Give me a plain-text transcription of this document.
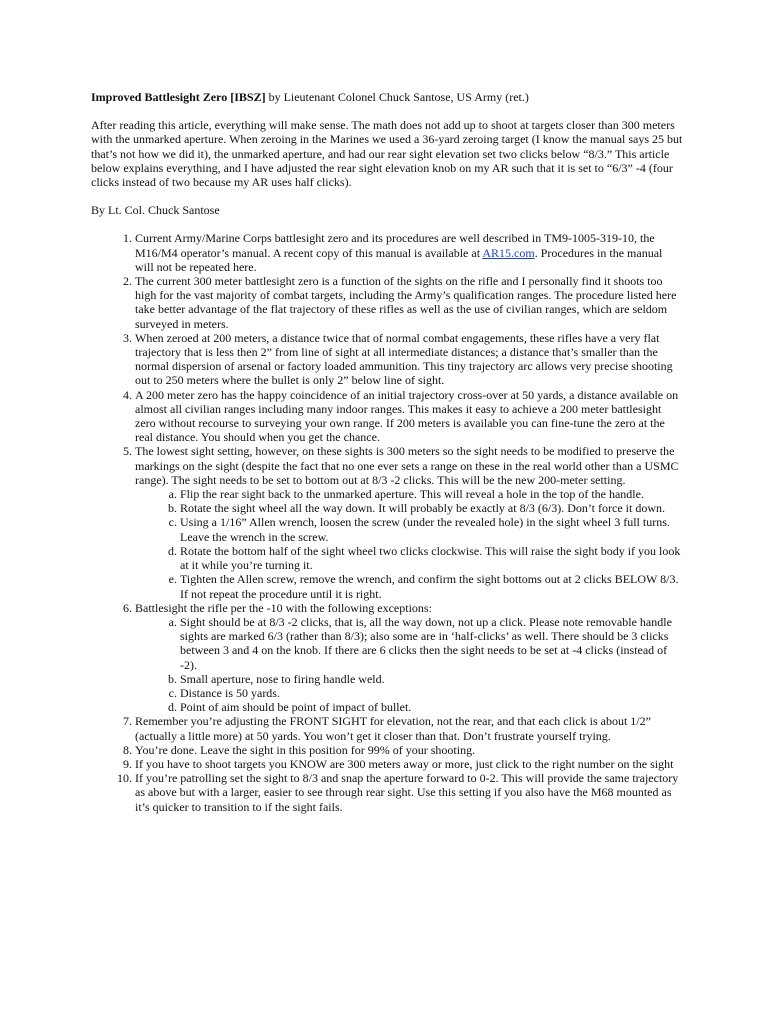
Improved Battlesight Zero [IBSZ] by Lieutenant Colonel Chuck Santose, US Army (ret.)

After reading this article, everything will make sense. The math does not add up to shoot at targets closer than 300 meters with the unmarked aperture. When zeroing in the Marines we used a 36-yard zeroing target (I know the manual says 25 but that’s not how we did it), the unmarked aperture, and had our rear sight elevation set two clicks below “8/3.” This article below explains everything, and I have adjusted the rear sight elevation knob on my AR such that it is set to “6/3” -4 (four clicks instead of two because my AR uses half clicks).

By Lt. Col. Chuck Santose

1. Current Army/Marine Corps battlesight zero and its procedures are well described in TM9-1005-319-10, the M16/M4 operator’s manual. A recent copy of this manual is available at AR15.com. Procedures in the manual will not be repeated here.
2. The current 300 meter battlesight zero is a function of the sights on the rifle and I personally find it shoots too high for the vast majority of combat targets, including the Army’s qualification ranges. The procedure listed here take better advantage of the flat trajectory of these rifles as well as the use of civilian ranges, which are seldom surveyed in meters.
3. When zeroed at 200 meters, a distance twice that of normal combat engagements, these rifles have a very flat trajectory that is less then 2” from line of sight at all intermediate distances; a distance that’s smaller than the normal dispersion of arsenal or factory loaded ammunition. This tiny trajectory arc allows very precise shooting out to 250 meters where the bullet is only 2” below line of sight.
4. A 200 meter zero has the happy coincidence of an initial trajectory cross-over at 50 yards, a distance available on almost all civilian ranges including many indoor ranges. This makes it easy to achieve a 200 meter battlesight zero without recourse to surveying your own range. If 200 meters is available you can fine-tune the zero at the real distance. You should when you get the chance.
5. The lowest sight setting, however, on these sights is 300 meters so the sight needs to be modified to preserve the markings on the sight (despite the fact that no one ever sets a range on these in the real world other than a USMC range). The sight needs to be set to bottom out at 8/3 -2 clicks. This will be the new 200-meter setting.
a. Flip the rear sight back to the unmarked aperture. This will reveal a hole in the top of the handle.
b. Rotate the sight wheel all the way down. It will probably be exactly at 8/3 (6/3). Don’t force it down.
c. Using a 1/16” Allen wrench, loosen the screw (under the revealed hole) in the sight wheel 3 full turns. Leave the wrench in the screw.
d. Rotate the bottom half of the sight wheel two clicks clockwise. This will raise the sight body if you look at it while you’re turning it.
e. Tighten the Allen screw, remove the wrench, and confirm the sight bottoms out at 2 clicks BELOW 8/3. If not repeat the procedure until it is right.
6. Battlesight the rifle per the -10 with the following exceptions:
a. Sight should be at 8/3 -2 clicks, that is, all the way down, not up a click. Please note removable handle sights are marked 6/3 (rather than 8/3); also some are in ‘half-clicks’ as well. There should be 3 clicks between 3 and 4 on the knob. If there are 6 clicks then the sight needs to be set at -4 clicks (instead of -2).
b. Small aperture, nose to firing handle weld.
c. Distance is 50 yards.
d. Point of aim should be point of impact of bullet.
7. Remember you’re adjusting the FRONT SIGHT for elevation, not the rear, and that each click is about 1/2” (actually a little more) at 50 yards. You won’t get it closer than that. Don’t frustrate yourself trying.
8. You’re done. Leave the sight in this position for 99% of your shooting.
9. If you have to shoot targets you KNOW are 300 meters away or more, just click to the right number on the sight
10. If you’re patrolling set the sight to 8/3 and snap the aperture forward to 0-2. This will provide the same trajectory as above but with a larger, easier to see through rear sight. Use this setting if you also have the M68 mounted as it’s quicker to transition to if the sight fails.
